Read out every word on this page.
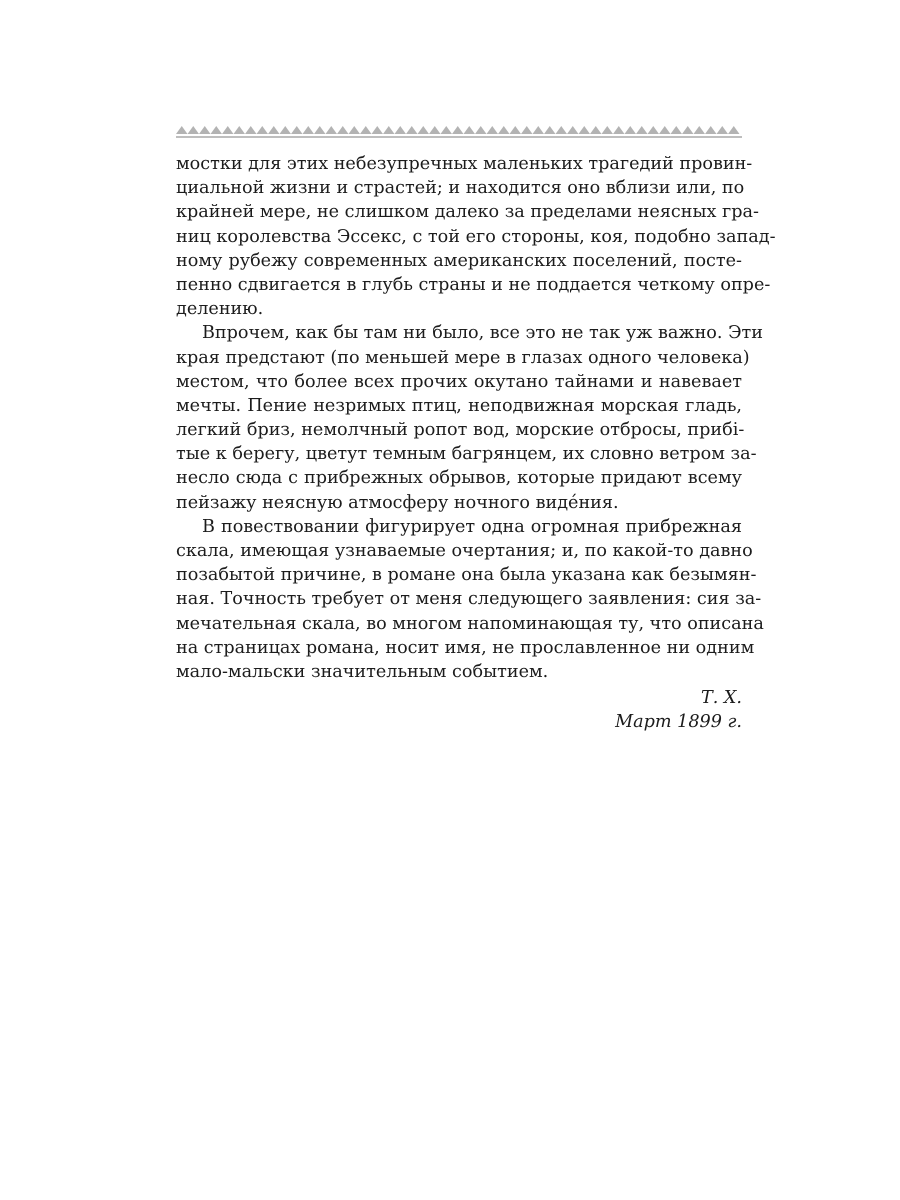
мостки для этих небезупречных маленьких трагедий провин-
циальной жизни и страстей; и находится оно вблизи или, по
крайней мере, не слишком далеко за пределами неясных гра-
ниц королевства Эссекс, с той его стороны, коя, подобно запад-
ному рубежу современных американских поселений, посте-
пенно сдвигается в глубь страны и не поддается четкому опре-
делению.
Впрочем, как бы там ни было, все это не так уж важно. Эти
края предстают (по меньшей мере в глазах одного человека)
местом, что более всех прочих окутано тайнами и навевает
мечты. Пение незримых птиц, неподвижная морская гладь,
легкий бриз, немолчный ропот вод, морские отбросы, прибі-
тые к берегу, цветут темным багрянцем, их словно ветром за-
несло сюда с прибрежных обрывов, которые придают всему
пейзажу неясную атмосферу ночного видéния.
В повествовании фигурирует одна огромная прибрежная
скала, имеющая узнаваемые очертания; и, по какой-то давно
позабытой причине, в романе она была указана как безымян-
ная. Точность требует от меня следующего заявления: сия за-
мечательная скала, во многом напоминающая ту, что описана
на страницах романа, носит имя, не прославленное ни одним
мало-мальски значительным событием.
Т. Х.
Март 1899 г.
